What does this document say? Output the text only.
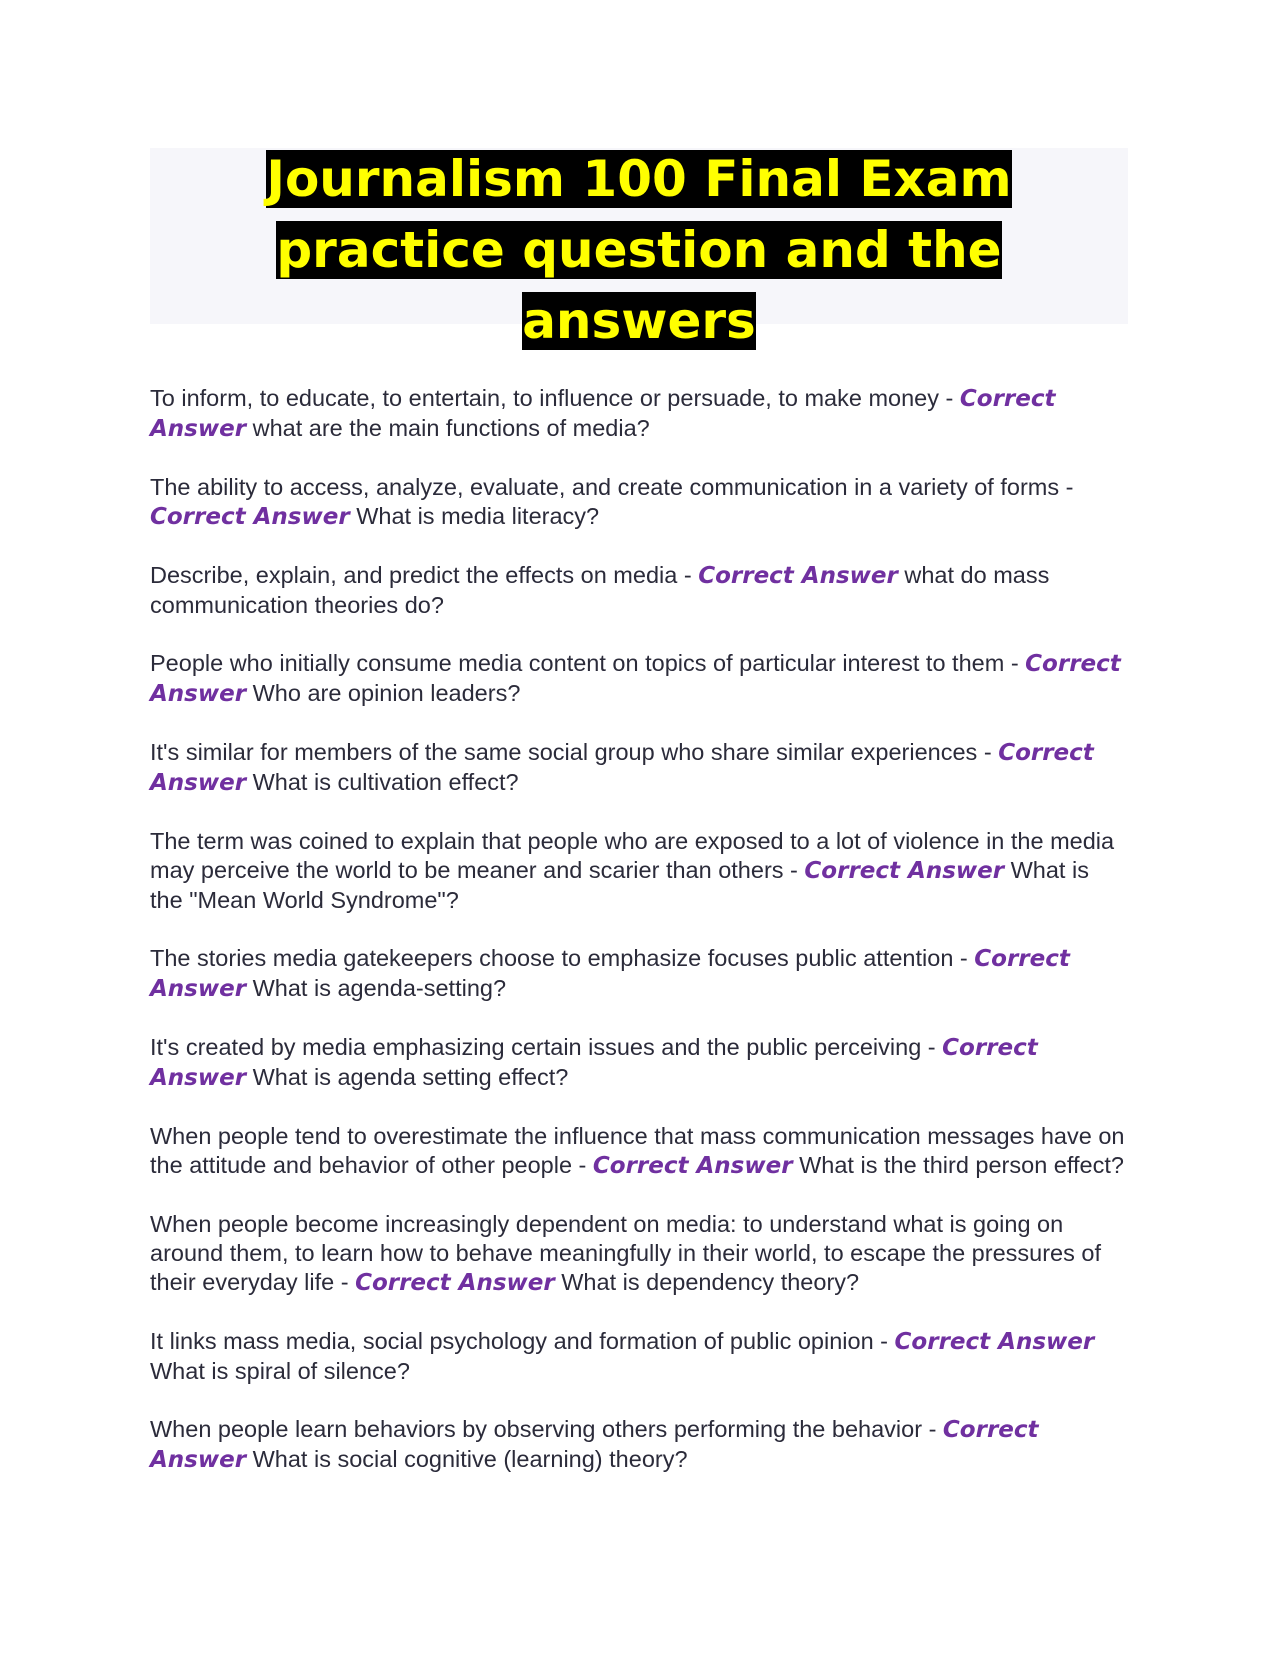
Journalism 100 Final Exam practice question and the answers

To inform, to educate, to entertain, to influence or persuade, to make money - Correct Answer what are the main functions of media?

The ability to access, analyze, evaluate, and create communication in a variety of forms - Correct Answer What is media literacy?

Describe, explain, and predict the effects on media - Correct Answer what do mass communication theories do?

People who initially consume media content on topics of particular interest to them - Correct Answer Who are opinion leaders?

It's similar for members of the same social group who share similar experiences - Correct Answer What is cultivation effect?

The term was coined to explain that people who are exposed to a lot of violence in the media may perceive the world to be meaner and scarier than others - Correct Answer What is the "Mean World Syndrome"?

The stories media gatekeepers choose to emphasize focuses public attention - Correct Answer What is agenda-setting?

It's created by media emphasizing certain issues and the public perceiving - Correct Answer What is agenda setting effect?

When people tend to overestimate the influence that mass communication messages have on the attitude and behavior of other people - Correct Answer What is the third person effect?

When people become increasingly dependent on media: to understand what is going on around them, to learn how to behave meaningfully in their world, to escape the pressures of their everyday life - Correct Answer What is dependency theory?

It links mass media, social psychology and formation of public opinion - Correct Answer What is spiral of silence?

When people learn behaviors by observing others performing the behavior - Correct Answer What is social cognitive (learning) theory?
